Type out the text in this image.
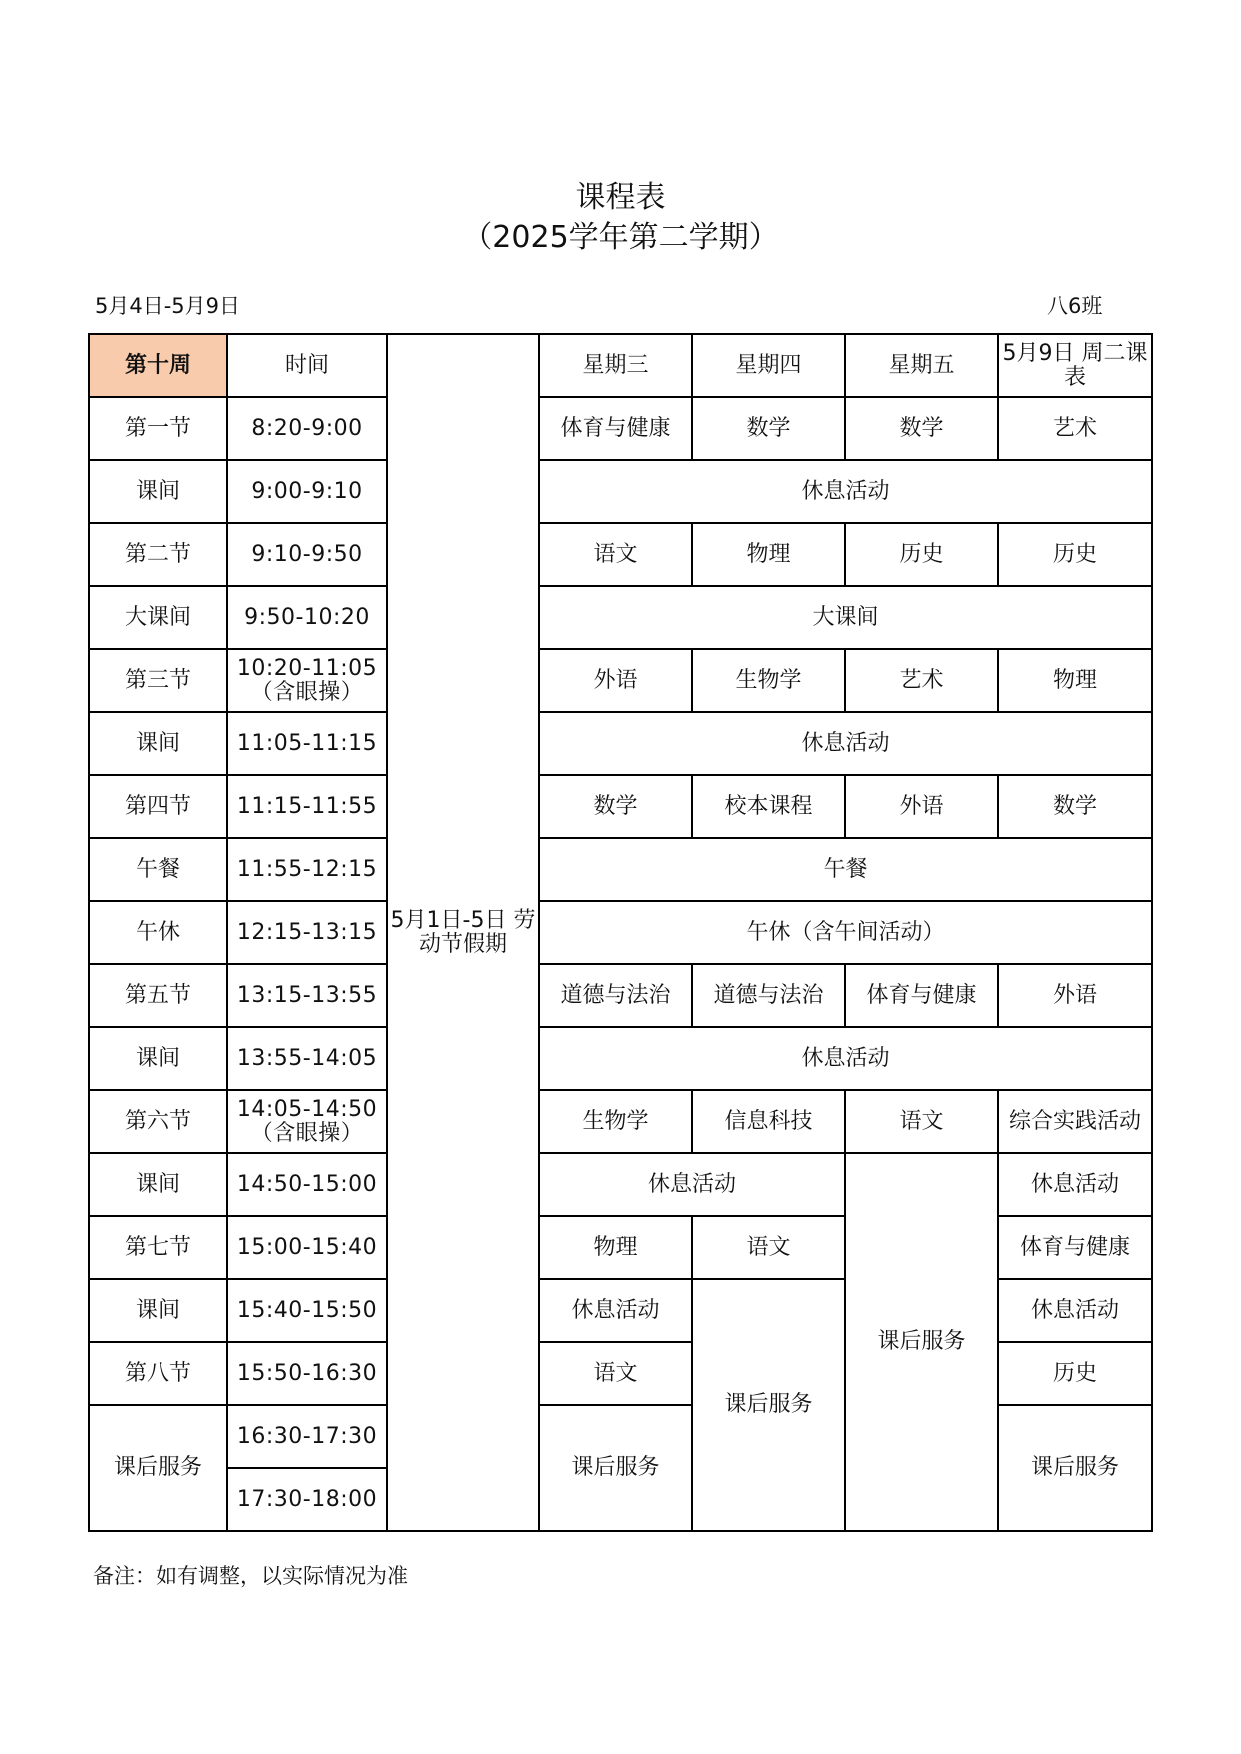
课程表
（2025学年第二学期）
5月4日-5月9日	八6班
第十周	时间	5月1日-5日 劳动节假期	星期三	星期四	星期五	5月9日 周二课表
第一节	8:20-9:00		体育与健康	数学	数学	艺术
课间	9:00-9:10		休息活动			
第二节	9:10-9:50		语文	物理	历史	历史
大课间	9:50-10:20		大课间			
第三节	10:20-11:05 （含眼操）		外语	生物学	艺术	物理
课间	11:05-11:15		休息活动			
第四节	11:15-11:55		数学	校本课程	外语	数学
午餐	11:55-12:15		午餐			
午休	12:15-13:15		午休（含午间活动）			
第五节	13:15-13:55		道德与法治	道德与法治	体育与健康	外语
课间	13:55-14:05		休息活动			
第六节	14:05-14:50 （含眼操）		生物学	信息科技	语文	综合实践活动
课间	14:50-15:00		休息活动		课后服务	休息活动
第七节	15:00-15:40		物理	语文		体育与健康
课间	15:40-15:50		休息活动	课后服务		休息活动
第八节	15:50-16:30		语文			历史
课后服务	16:30-17:30		课后服务			课后服务
	17:30-18:00					
备注：如有调整，以实际情况为准
